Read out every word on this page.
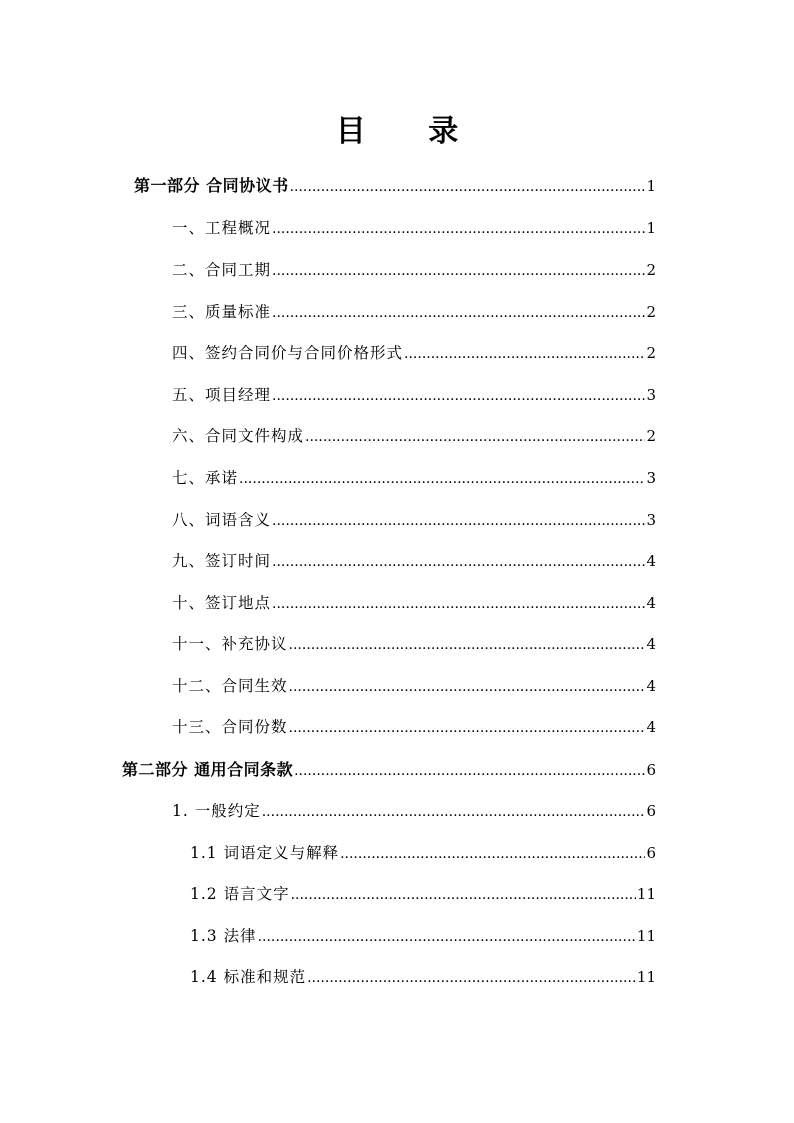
目 录
第一部分 合同协议书 .....	1
一、工程概况 .....	1
二、合同工期 .....	2
三、质量标准 .....	2
四、签约合同价与合同价格形式 .....	2
五、项目经理 .....	3
六、合同文件构成 .....	2
七、承诺 .....	3
八、词语含义 .....	3
九、签订时间 .....	4
十、签订地点 .....	4
十一、补充协议 .....	4
十二、合同生效 .....	4
十三、合同份数 .....	4
第二部分 通用合同条款 .....	6
1. 一般约定 .....	6
1.1 词语定义与解释 .....	6
1.2 语言文字 .....	11
1.3 法律 .....	11
1.4 标准和规范 .....	11
